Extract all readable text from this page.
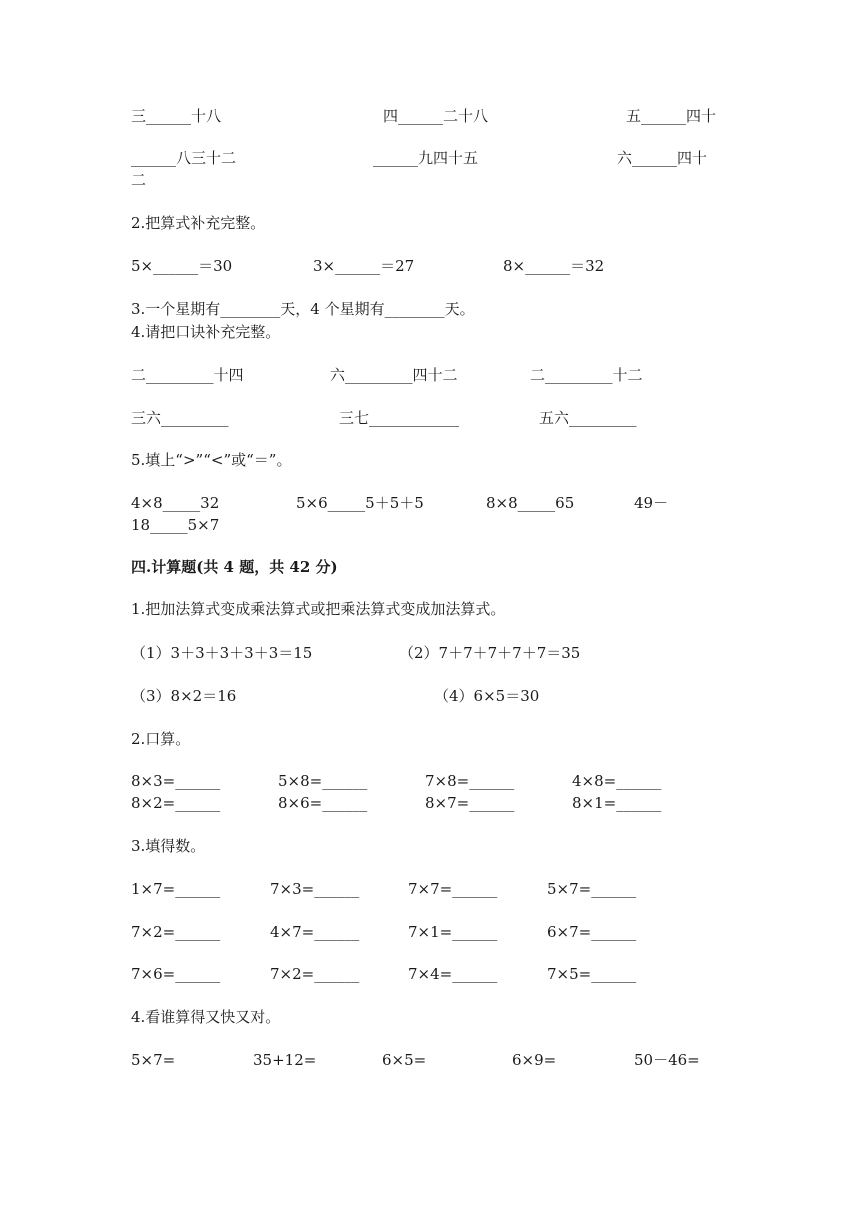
三______十八	四______二十八	五______四十
______八三十二	______九四十五	六______四十
二
2.把算式补充完整。
5×______＝30	3×______＝27	8×______＝32
3.一个星期有________天，4 个星期有________天。
4.请把口诀补充完整。
二_________十四	六_________四十二	二_________十二
三六_________	三七____________	五六_________
5.填上“>”“<”或“＝”。
4×8_____32	5×6_____5＋5＋5	8×8_____65	49－
18_____5×7
四.计算题(共 4 题，共 42 分)
1.把加法算式变成乘法算式或把乘法算式变成加法算式。
（1）3＋3＋3＋3＋3＝15	（2）7＋7＋7＋7＋7＝35
（3）8×2＝16	（4）6×5＝30
2.口算。
8×3=______	5×8=______	7×8=______	4×8=______
8×2=______	8×6=______	8×7=______	8×1=______
3.填得数。
1×7=______	7×3=______	7×7=______	5×7=______
7×2=______	4×7=______	7×1=______	6×7=______
7×6=______	7×2=______	7×4=______	7×5=______
4.看谁算得又快又对。
5×7=	35+12=	6×5=	6×9=	50－46=
